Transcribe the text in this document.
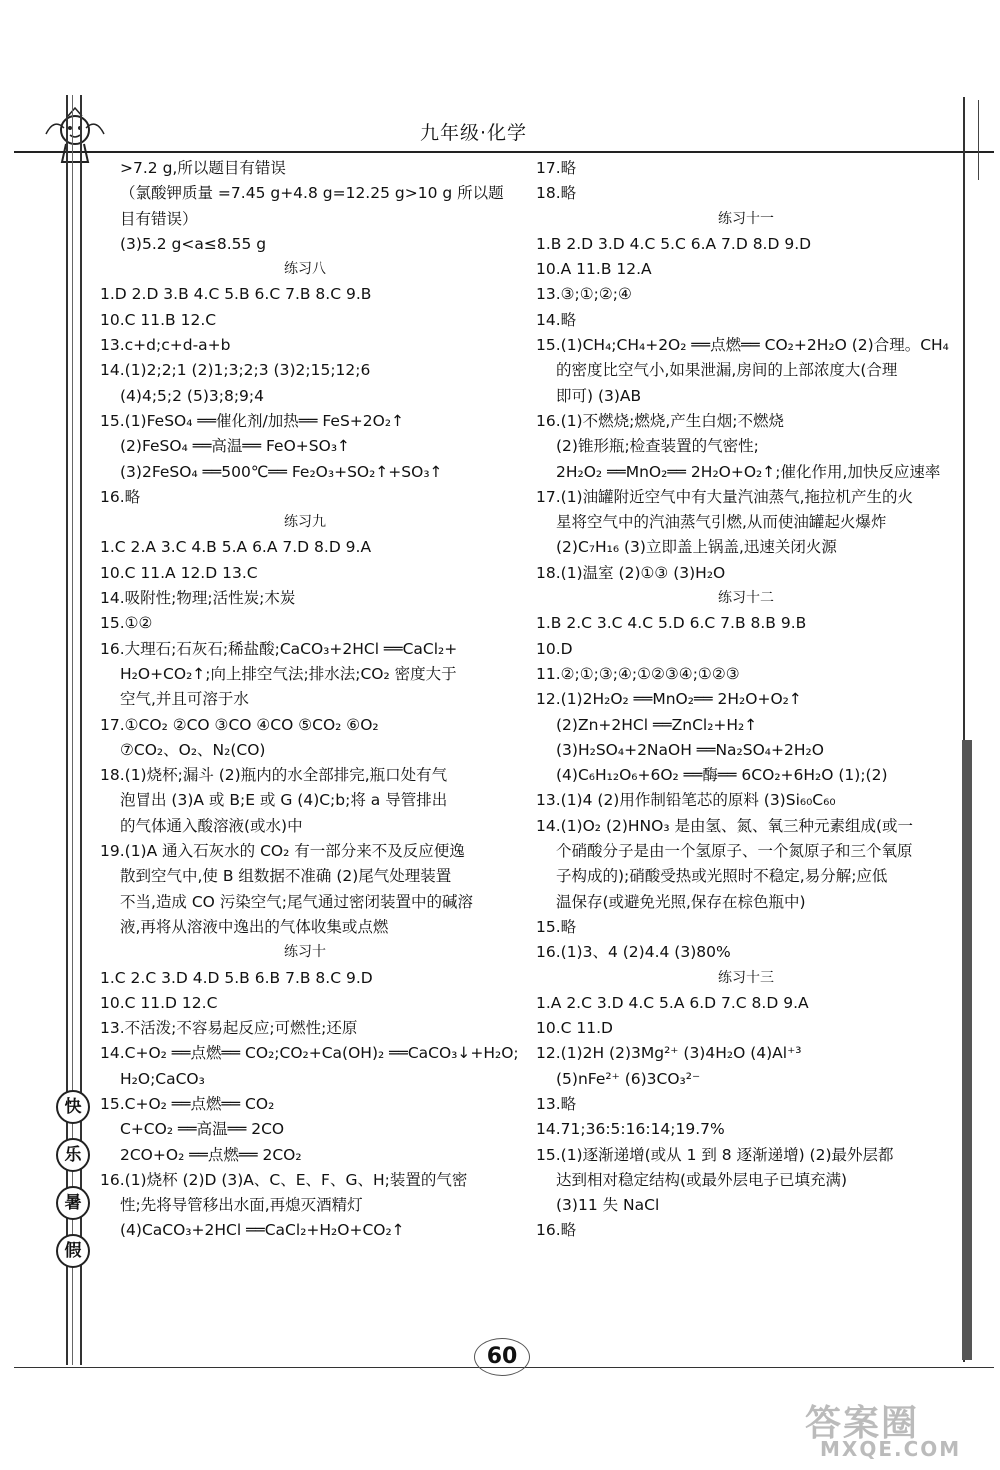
九年级·化学
>7.2 g,所以题目有错误
（氯酸钾质量 =7.45 g+4.8 g=12.25 g>10 g 所以题
目有错误）
(3)5.2 g<a≤8.55 g
练习八
1.D 2.D 3.B 4.C 5.B 6.C 7.B 8.C 9.B
10.C 11.B 12.C
13.c+d;c+d-a+b
14.(1)2;2;1 (2)1;3;2;3 (3)2;15;12;6
(4)4;5;2 (5)3;8;9;4
15.(1)FeSO₄ ══催化剂/加热══ FeS+2O₂↑
(2)FeSO₄ ══高温══ FeO+SO₃↑
(3)2FeSO₄ ══500℃══ Fe₂O₃+SO₂↑+SO₃↑
16.略
练习九
1.C 2.A 3.C 4.B 5.A 6.A 7.D 8.D 9.A
10.C 11.A 12.D 13.C
14.吸附性;物理;活性炭;木炭
15.①②
16.大理石;石灰石;稀盐酸;CaCO₃+2HCl ══CaCl₂+
H₂O+CO₂↑;向上排空气法;排水法;CO₂ 密度大于
空气,并且可溶于水
17.①CO₂ ②CO ③CO ④CO ⑤CO₂ ⑥O₂
⑦CO₂、O₂、N₂(CO)
18.(1)烧杯;漏斗 (2)瓶内的水全部排完,瓶口处有气
泡冒出 (3)A 或 B;E 或 G (4)C;b;将 a 导管排出
的气体通入酸溶液(或水)中
19.(1)A 通入石灰水的 CO₂ 有一部分来不及反应便逸
散到空气中,使 B 组数据不准确 (2)尾气处理装置
不当,造成 CO 污染空气;尾气通过密闭装置中的碱溶
液,再将从溶液中逸出的气体收集或点燃
练习十
1.C 2.C 3.D 4.D 5.B 6.B 7.B 8.C 9.D
10.C 11.D 12.C
13.不活泼;不容易起反应;可燃性;还原
14.C+O₂ ══点燃══ CO₂;CO₂+Ca(OH)₂ ══CaCO₃↓+H₂O;
H₂O;CaCO₃
15.C+O₂ ══点燃══ CO₂
C+CO₂ ══高温══ 2CO
2CO+O₂ ══点燃══ 2CO₂
16.(1)烧杯 (2)D (3)A、C、E、F、G、H;装置的气密
性;先将导管移出水面,再熄灭酒精灯
(4)CaCO₃+2HCl ══CaCl₂+H₂O+CO₂↑
17.略
18.略
练习十一
1.B 2.D 3.D 4.C 5.C 6.A 7.D 8.D 9.D
10.A 11.B 12.A
13.③;①;②;④
14.略
15.(1)CH₄;CH₄+2O₂ ══点燃══ CO₂+2H₂O (2)合理。CH₄
的密度比空气小,如果泄漏,房间的上部浓度大(合理
即可) (3)AB
16.(1)不燃烧;燃烧,产生白烟;不燃烧
(2)锥形瓶;检查装置的气密性;
2H₂O₂ ══MnO₂══ 2H₂O+O₂↑;催化作用,加快反应速率
17.(1)油罐附近空气中有大量汽油蒸气,拖拉机产生的火
星将空气中的汽油蒸气引燃,从而使油罐起火爆炸
(2)C₇H₁₆ (3)立即盖上锅盖,迅速关闭火源
18.(1)温室 (2)①③ (3)H₂O
练习十二
1.B 2.C 3.C 4.C 5.D 6.C 7.B 8.B 9.B
10.D
11.②;①;③;④;①②③④;①②③
12.(1)2H₂O₂ ══MnO₂══ 2H₂O+O₂↑
(2)Zn+2HCl ══ZnCl₂+H₂↑
(3)H₂SO₄+2NaOH ══Na₂SO₄+2H₂O
(4)C₆H₁₂O₆+6O₂ ══酶══ 6CO₂+6H₂O (1);(2)
13.(1)4 (2)用作制铅笔芯的原料 (3)Si₆₀C₆₀
14.(1)O₂ (2)HNO₃ 是由氢、氮、氧三种元素组成(或一
个硝酸分子是由一个氢原子、一个氮原子和三个氧原
子构成的);硝酸受热或光照时不稳定,易分解;应低
温保存(或避免光照,保存在棕色瓶中)
15.略
16.(1)3、4 (2)4.4 (3)80%
练习十三
1.A 2.C 3.D 4.C 5.A 6.D 7.C 8.D 9.A
10.C 11.D
12.(1)2H (2)3Mg²⁺ (3)4H₂O (4)Al⁺³
(5)nFe²⁺ (6)3CO₃²⁻
13.略
14.71;36:5:16:14;19.7%
15.(1)逐渐递增(或从 1 到 8 逐渐递增) (2)最外层都
达到相对稳定结构(或最外层电子已填充满)
(3)11 失 NaCl
16.略
快
乐
暑
假
60
答案圈
MXQE.COM
